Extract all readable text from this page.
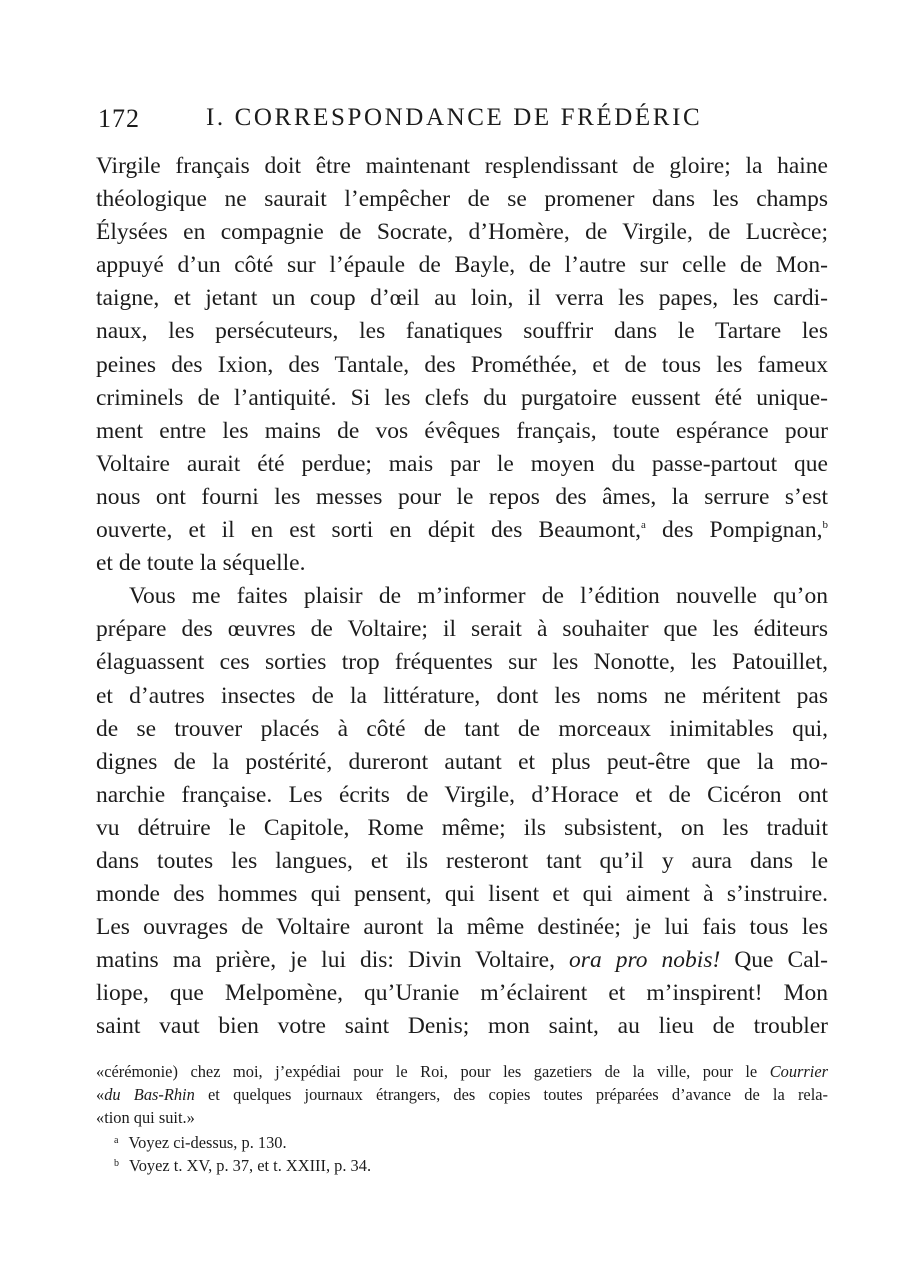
172	I. CORRESPONDANCE DE FRÉDÉRIC
Virgile français doit être maintenant resplendissant de gloire; la haine
théologique ne saurait l’empêcher de se promener dans les champs
Élysées en compagnie de Socrate, d’Homère, de Virgile, de Lucrèce;
appuyé d’un côté sur l’épaule de Bayle, de l’autre sur celle de Mon-
taigne, et jetant un coup d’œil au loin, il verra les papes, les cardi-
naux, les persécuteurs, les fanatiques souffrir dans le Tartare les
peines des Ixion, des Tantale, des Prométhée, et de tous les fameux
criminels de l’antiquité. Si les clefs du purgatoire eussent été unique-
ment entre les mains de vos évêques français, toute espérance pour
Voltaire aurait été perdue; mais par le moyen du passe-partout que
nous ont fourni les messes pour le repos des âmes, la serrure s’est
ouverte, et il en est sorti en dépit des Beaumont,$^a$ des Pompignan,$^b$
et de toute la séquelle.
Vous me faites plaisir de m’informer de l’édition nouvelle qu’on
prépare des œuvres de Voltaire; il serait à souhaiter que les éditeurs
élaguassent ces sorties trop fréquentes sur les Nonotte, les Patouillet,
et d’autres insectes de la littérature, dont les noms ne méritent pas
de se trouver placés à côté de tant de morceaux inimitables qui,
dignes de la postérité, dureront autant et plus peut-être que la mo-
narchie française. Les écrits de Virgile, d’Horace et de Cicéron ont
vu détruire le Capitole, Rome même; ils subsistent, on les traduit
dans toutes les langues, et ils resteront tant qu’il y aura dans le
monde des hommes qui pensent, qui lisent et qui aiment à s’instruire.
Les ouvrages de Voltaire auront la même destinée; je lui fais tous les
matins ma prière, je lui dis: Divin Voltaire, ora pro nobis! Que Cal-
liope, que Melpomène, qu’Uranie m’éclairent et m’inspirent! Mon
saint vaut bien votre saint Denis; mon saint, au lieu de troubler
«cérémonie) chez moi, j’expédiai pour le Roi, pour les gazetiers de la ville, pour le Courrier
«du Bas-Rhin et quelques journaux étrangers, des copies toutes préparées d’avance de la rela-
«tion qui suit.»
$^a$ Voyez ci-dessus, p. 130.
$^b$ Voyez t. XV, p. 37, et t. XXIII, p. 34.
